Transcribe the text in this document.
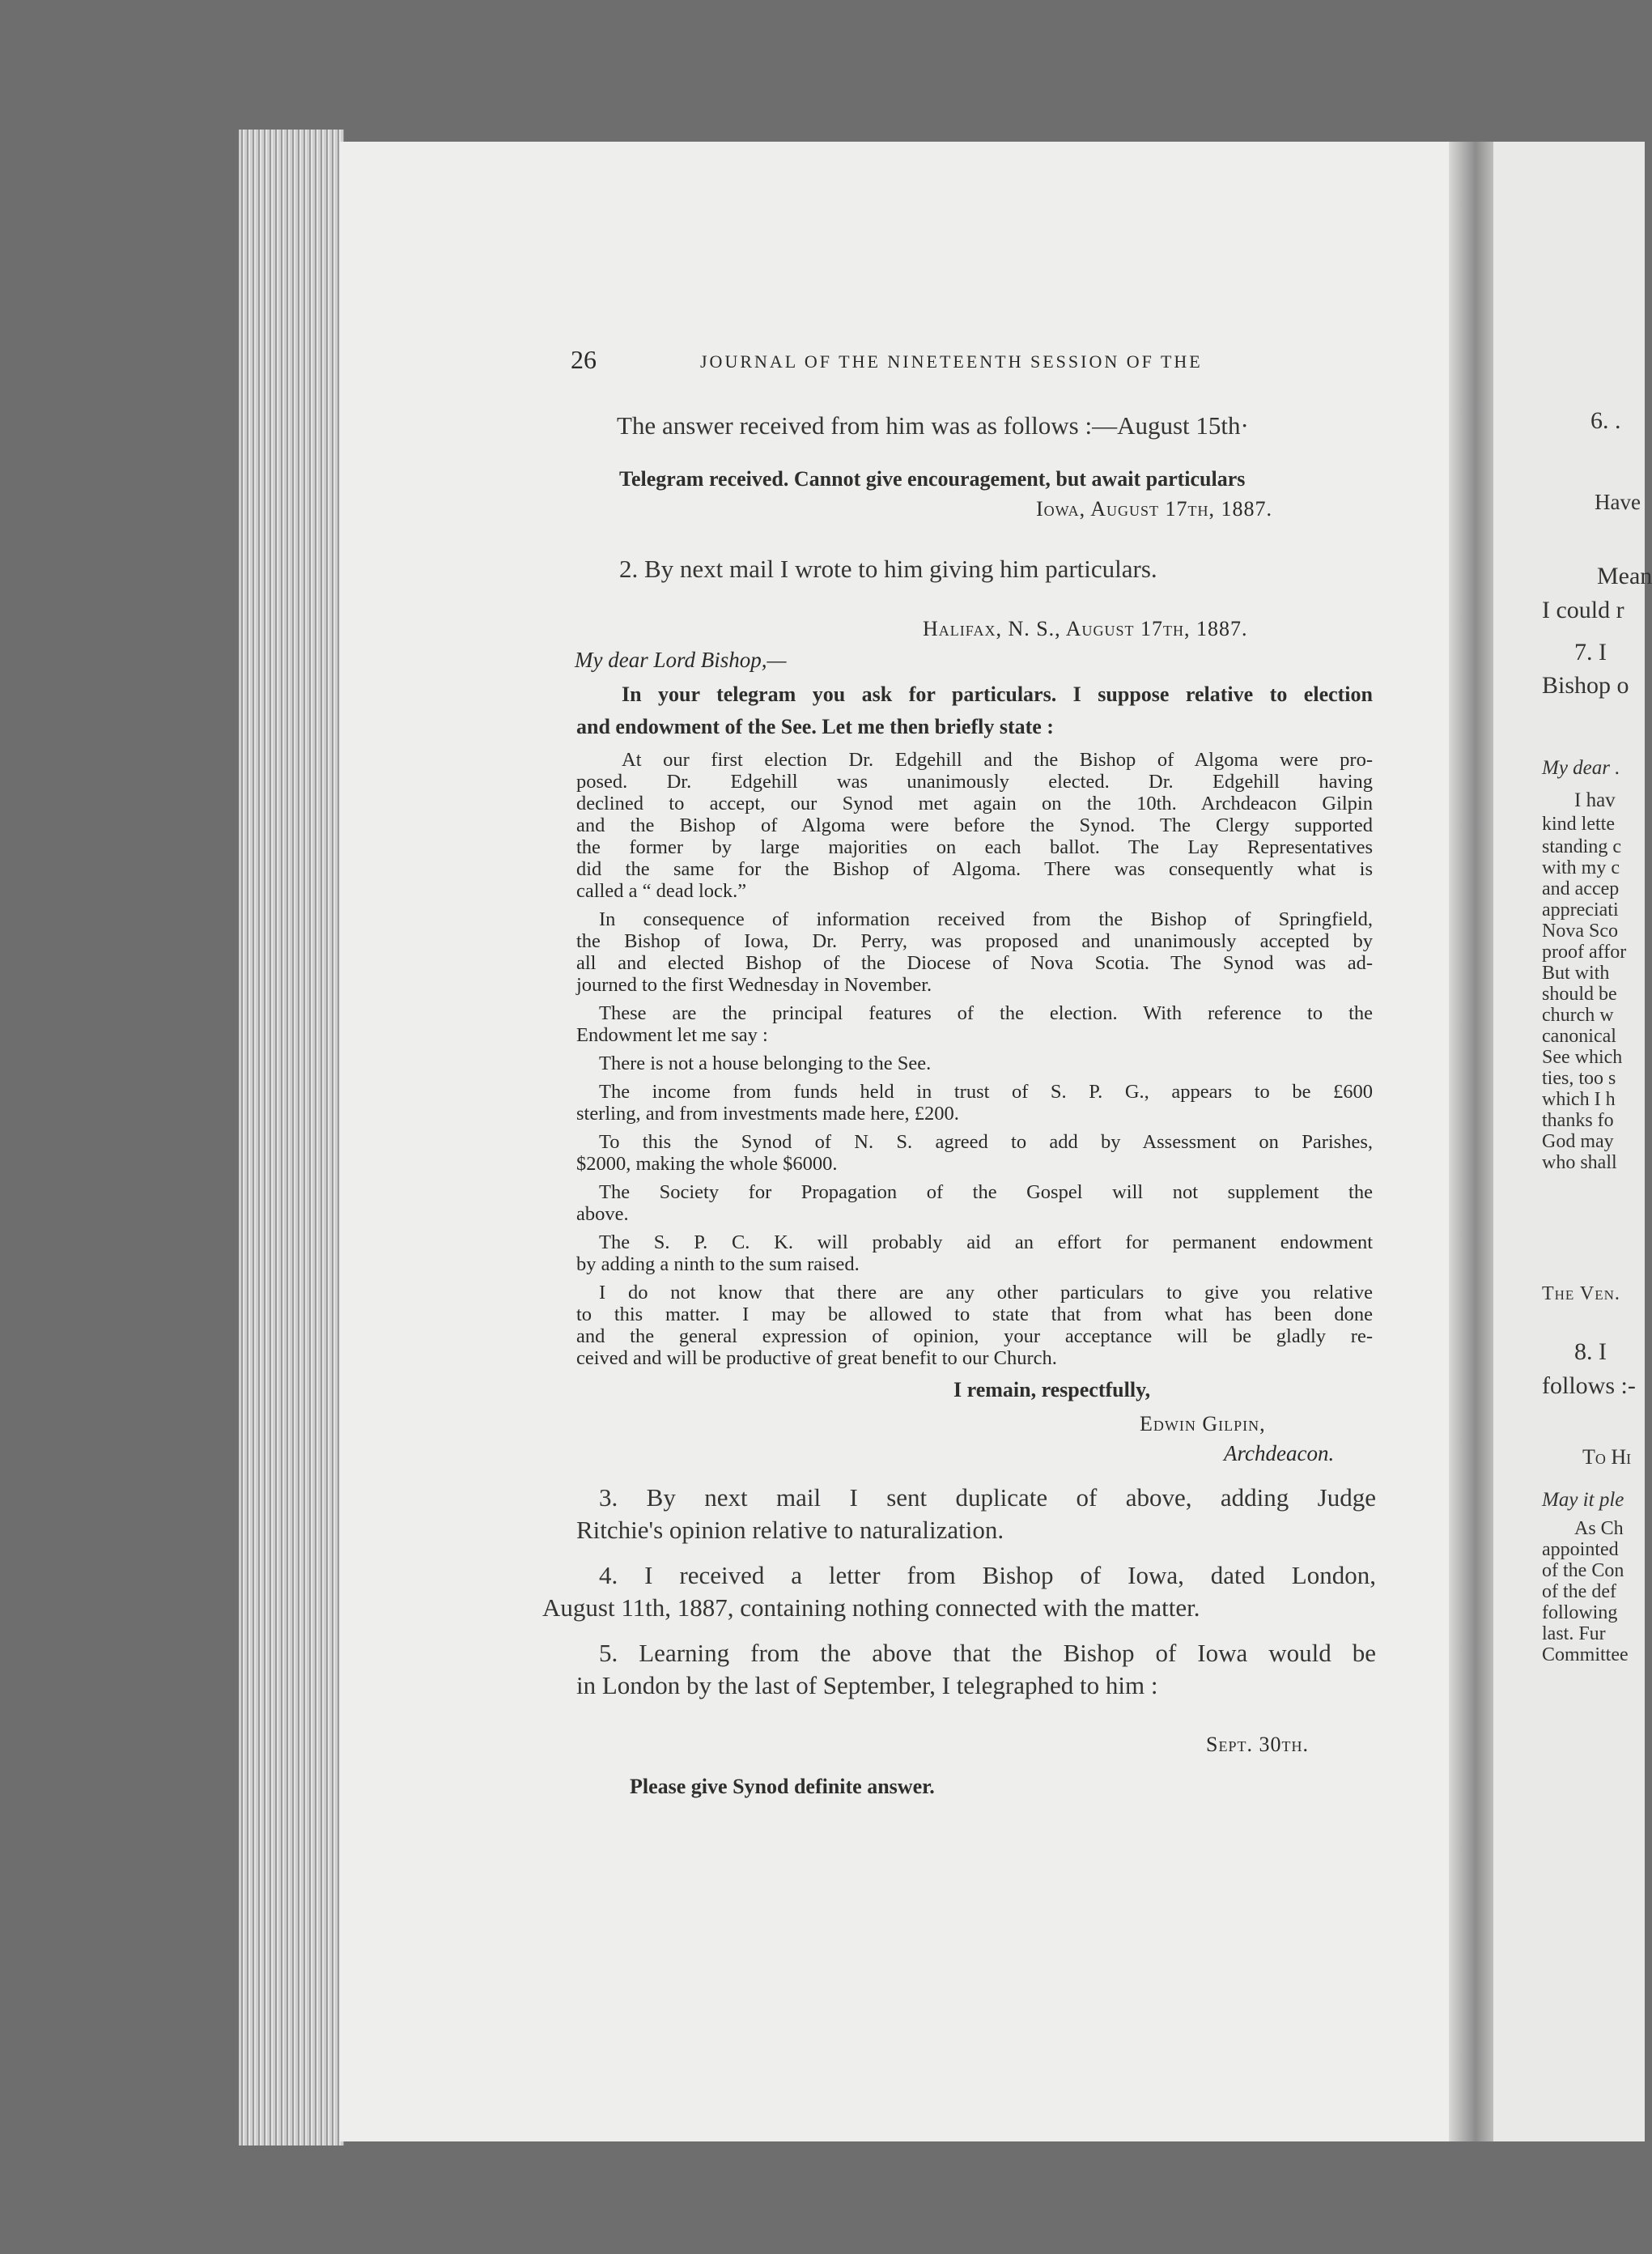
6. .
Have
Mean
I could r
7. I
Bishop o
My dear .
I hav
kind lette
standing c
with my c
and accep
appreciati
Nova Sco
proof affor
But with
should be
church w
canonical
See which
ties, too s
which I h
thanks fo
God may
who shall
The Ven.
8. I
follows :-
To Hi
May it ple
As Ch
appointed
of the Con
of the def
following
last. Fur
Committee
26	JOURNAL OF THE NINETEENTH SESSION OF THE
The answer received from him was as follows :—August 15th·
Telegram received. Cannot give encouragement, but await particulars
Iowa, August 17th, 1887.
2. By next mail I wrote to him giving him particulars.
Halifax, N. S., August 17th, 1887.
My dear Lord Bishop,—
In your telegram you ask for particulars. I suppose relative to election
and endowment of the See. Let me then briefly state :
At our first election Dr. Edgehill and the Bishop of Algoma were pro-
posed. Dr. Edgehill was unanimously elected. Dr. Edgehill having
declined to accept, our Synod met again on the 10th. Archdeacon Gilpin
and the Bishop of Algoma were before the Synod. The Clergy supported
the former by large majorities on each ballot. The Lay Representatives
did the same for the Bishop of Algoma. There was consequently what is
called a “ dead lock.”
In consequence of information received from the Bishop of Springfield,
the Bishop of Iowa, Dr. Perry, was proposed and unanimously accepted by
all and elected Bishop of the Diocese of Nova Scotia. The Synod was ad-
journed to the first Wednesday in November.
These are the principal features of the election. With reference to the
Endowment let me say :
There is not a house belonging to the See.
The income from funds held in trust of S. P. G., appears to be £600
sterling, and from investments made here, £200.
To this the Synod of N. S. agreed to add by Assessment on Parishes,
$2000, making the whole $6000.
The Society for Propagation of the Gospel will not supplement the
above.
The S. P. C. K. will probably aid an effort for permanent endowment
by adding a ninth to the sum raised.
I do not know that there are any other particulars to give you relative
to this matter. I may be allowed to state that from what has been done
and the general expression of opinion, your acceptance will be gladly re-
ceived and will be productive of great benefit to our Church.
I remain, respectfully,
Edwin Gilpin,
Archdeacon.
3. By next mail I sent duplicate of above, adding Judge
Ritchie's opinion relative to naturalization.
4. I received a letter from Bishop of Iowa, dated London,
August 11th, 1887, containing nothing connected with the matter.
5. Learning from the above that the Bishop of Iowa would be
in London by the last of September, I telegraphed to him :
Sept. 30th.
Please give Synod definite answer.
